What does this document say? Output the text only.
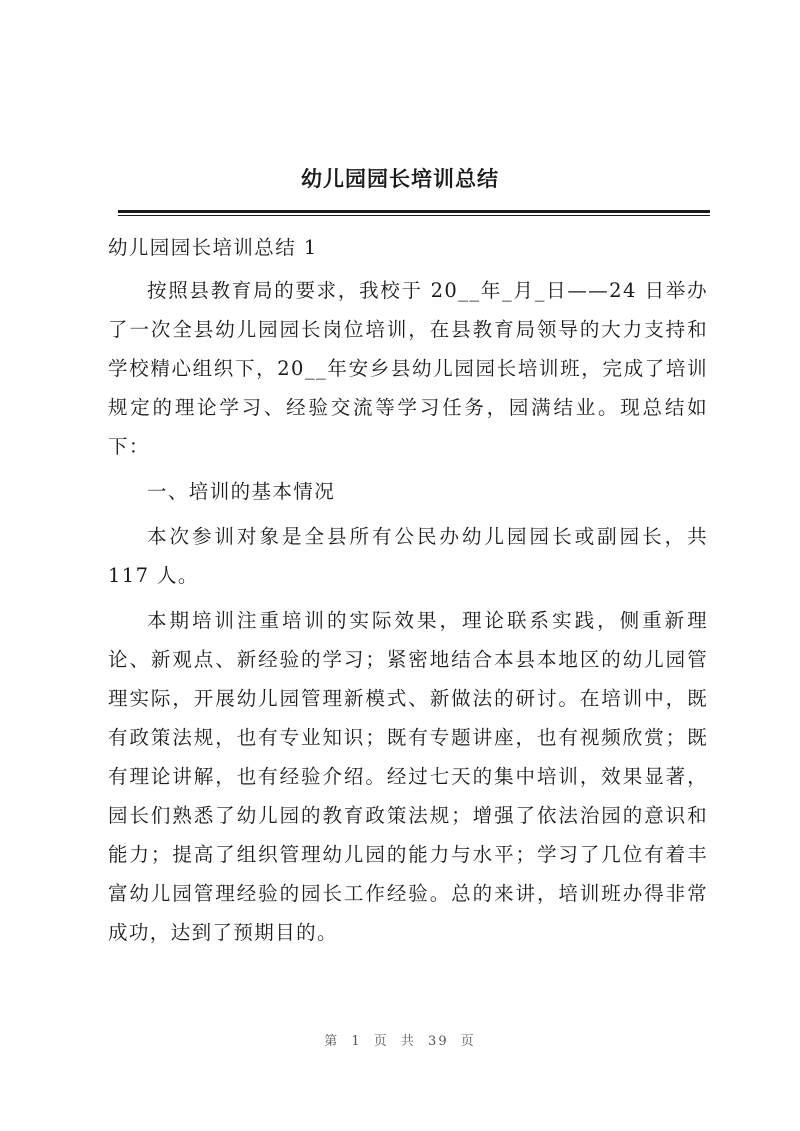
幼儿园园长培训总结

幼儿园园长培训总结 1

按照县教育局的要求，我校于 20__年_月_日——24 日举办了一次全县幼儿园园长岗位培训，在县教育局领导的大力支持和学校精心组织下，20__年安乡县幼儿园园长培训班，完成了培训规定的理论学习、经验交流等学习任务，园满结业。现总结如下：

一、培训的基本情况

本次参训对象是全县所有公民办幼儿园园长或副园长，共 117 人。

本期培训注重培训的实际效果，理论联系实践，侧重新理论、新观点、新经验的学习；紧密地结合本县本地区的幼儿园管理实际，开展幼儿园管理新模式、新做法的研讨。在培训中，既有政策法规，也有专业知识；既有专题讲座，也有视频欣赏；既有理论讲解，也有经验介绍。经过七天的集中培训，效果显著，园长们熟悉了幼儿园的教育政策法规；增强了依法治园的意识和能力；提高了组织管理幼儿园的能力与水平；学习了几位有着丰富幼儿园管理经验的园长工作经验。总的来讲，培训班办得非常成功，达到了预期目的。

第 1 页 共 39 页
